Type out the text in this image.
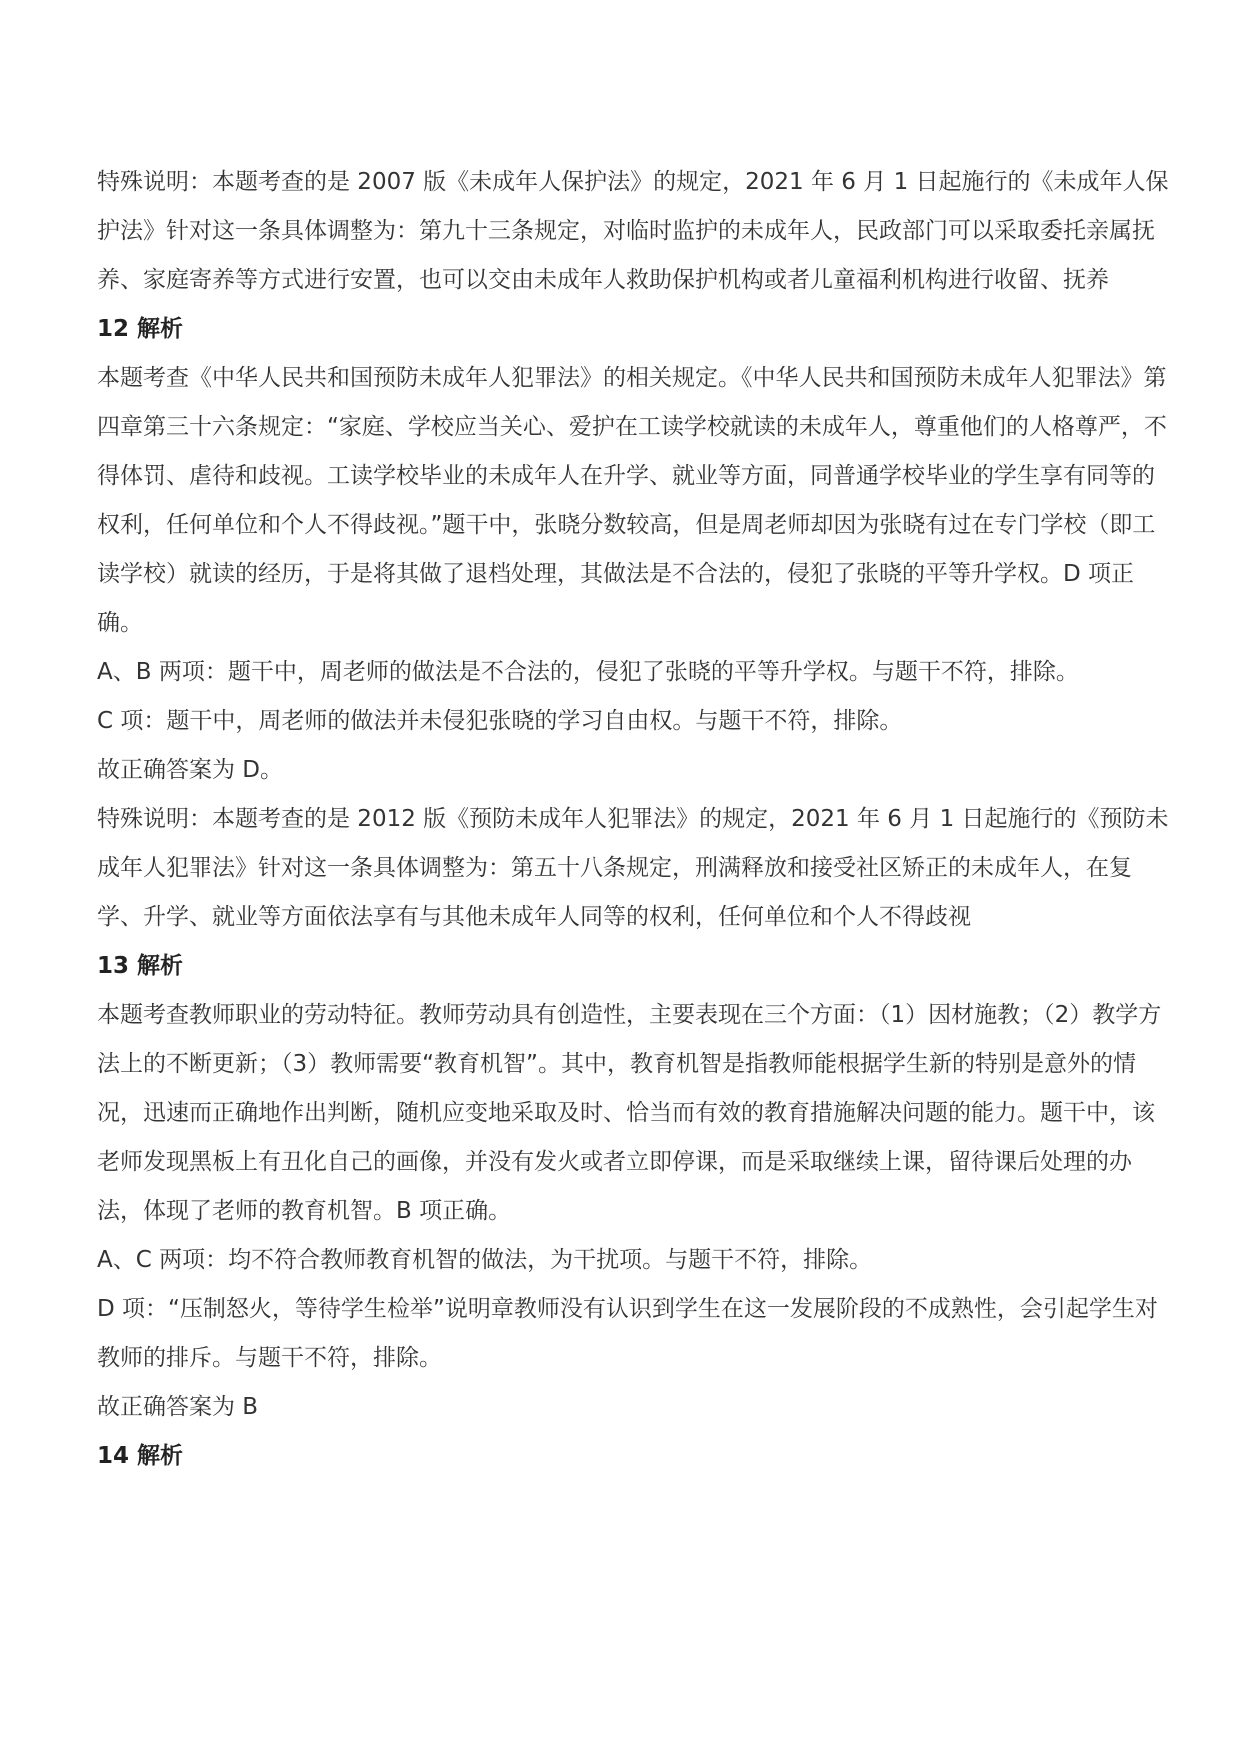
特殊说明：本题考查的是 2007 版《未成年人保护法》的规定，2021 年 6 月 1 日起施行的《未成年人保护法》针对这一条具体调整为：第九十三条规定，对临时监护的未成年人，民政部门可以采取委托亲属抚养、家庭寄养等方式进行安置，也可以交由未成年人救助保护机构或者儿童福利机构进行收留、抚养

12 解析

本题考查《中华人民共和国预防未成年人犯罪法》的相关规定。《中华人民共和国预防未成年人犯罪法》第四章第三十六条规定：“家庭、学校应当关心、爱护在工读学校就读的未成年人，尊重他们的人格尊严，不得体罚、虐待和歧视。工读学校毕业的未成年人在升学、就业等方面，同普通学校毕业的学生享有同等的权利，任何单位和个人不得歧视。”题干中，张晓分数较高，但是周老师却因为张晓有过在专门学校（即工读学校）就读的经历，于是将其做了退档处理，其做法是不合法的，侵犯了张晓的平等升学权。D 项正确。

A、B 两项：题干中，周老师的做法是不合法的，侵犯了张晓的平等升学权。与题干不符，排除。

C 项：题干中，周老师的做法并未侵犯张晓的学习自由权。与题干不符，排除。

故正确答案为 D。

特殊说明：本题考查的是 2012 版《预防未成年人犯罪法》的规定，2021 年 6 月 1 日起施行的《预防未成年人犯罪法》针对这一条具体调整为：第五十八条规定，刑满释放和接受社区矫正的未成年人，在复学、升学、就业等方面依法享有与其他未成年人同等的权利，任何单位和个人不得歧视

13 解析

本题考查教师职业的劳动特征。教师劳动具有创造性，主要表现在三个方面：（1）因材施教；（2）教学方法上的不断更新；（3）教师需要“教育机智”。其中，教育机智是指教师能根据学生新的特别是意外的情况，迅速而正确地作出判断，随机应变地采取及时、恰当而有效的教育措施解决问题的能力。题干中，该老师发现黑板上有丑化自己的画像，并没有发火或者立即停课，而是采取继续上课，留待课后处理的办法，体现了老师的教育机智。B 项正确。

A、C 两项：均不符合教师教育机智的做法，为干扰项。与题干不符，排除。

D 项：“压制怒火，等待学生检举”说明章教师没有认识到学生在这一发展阶段的不成熟性，会引起学生对教师的排斥。与题干不符，排除。

故正确答案为 B

14 解析
